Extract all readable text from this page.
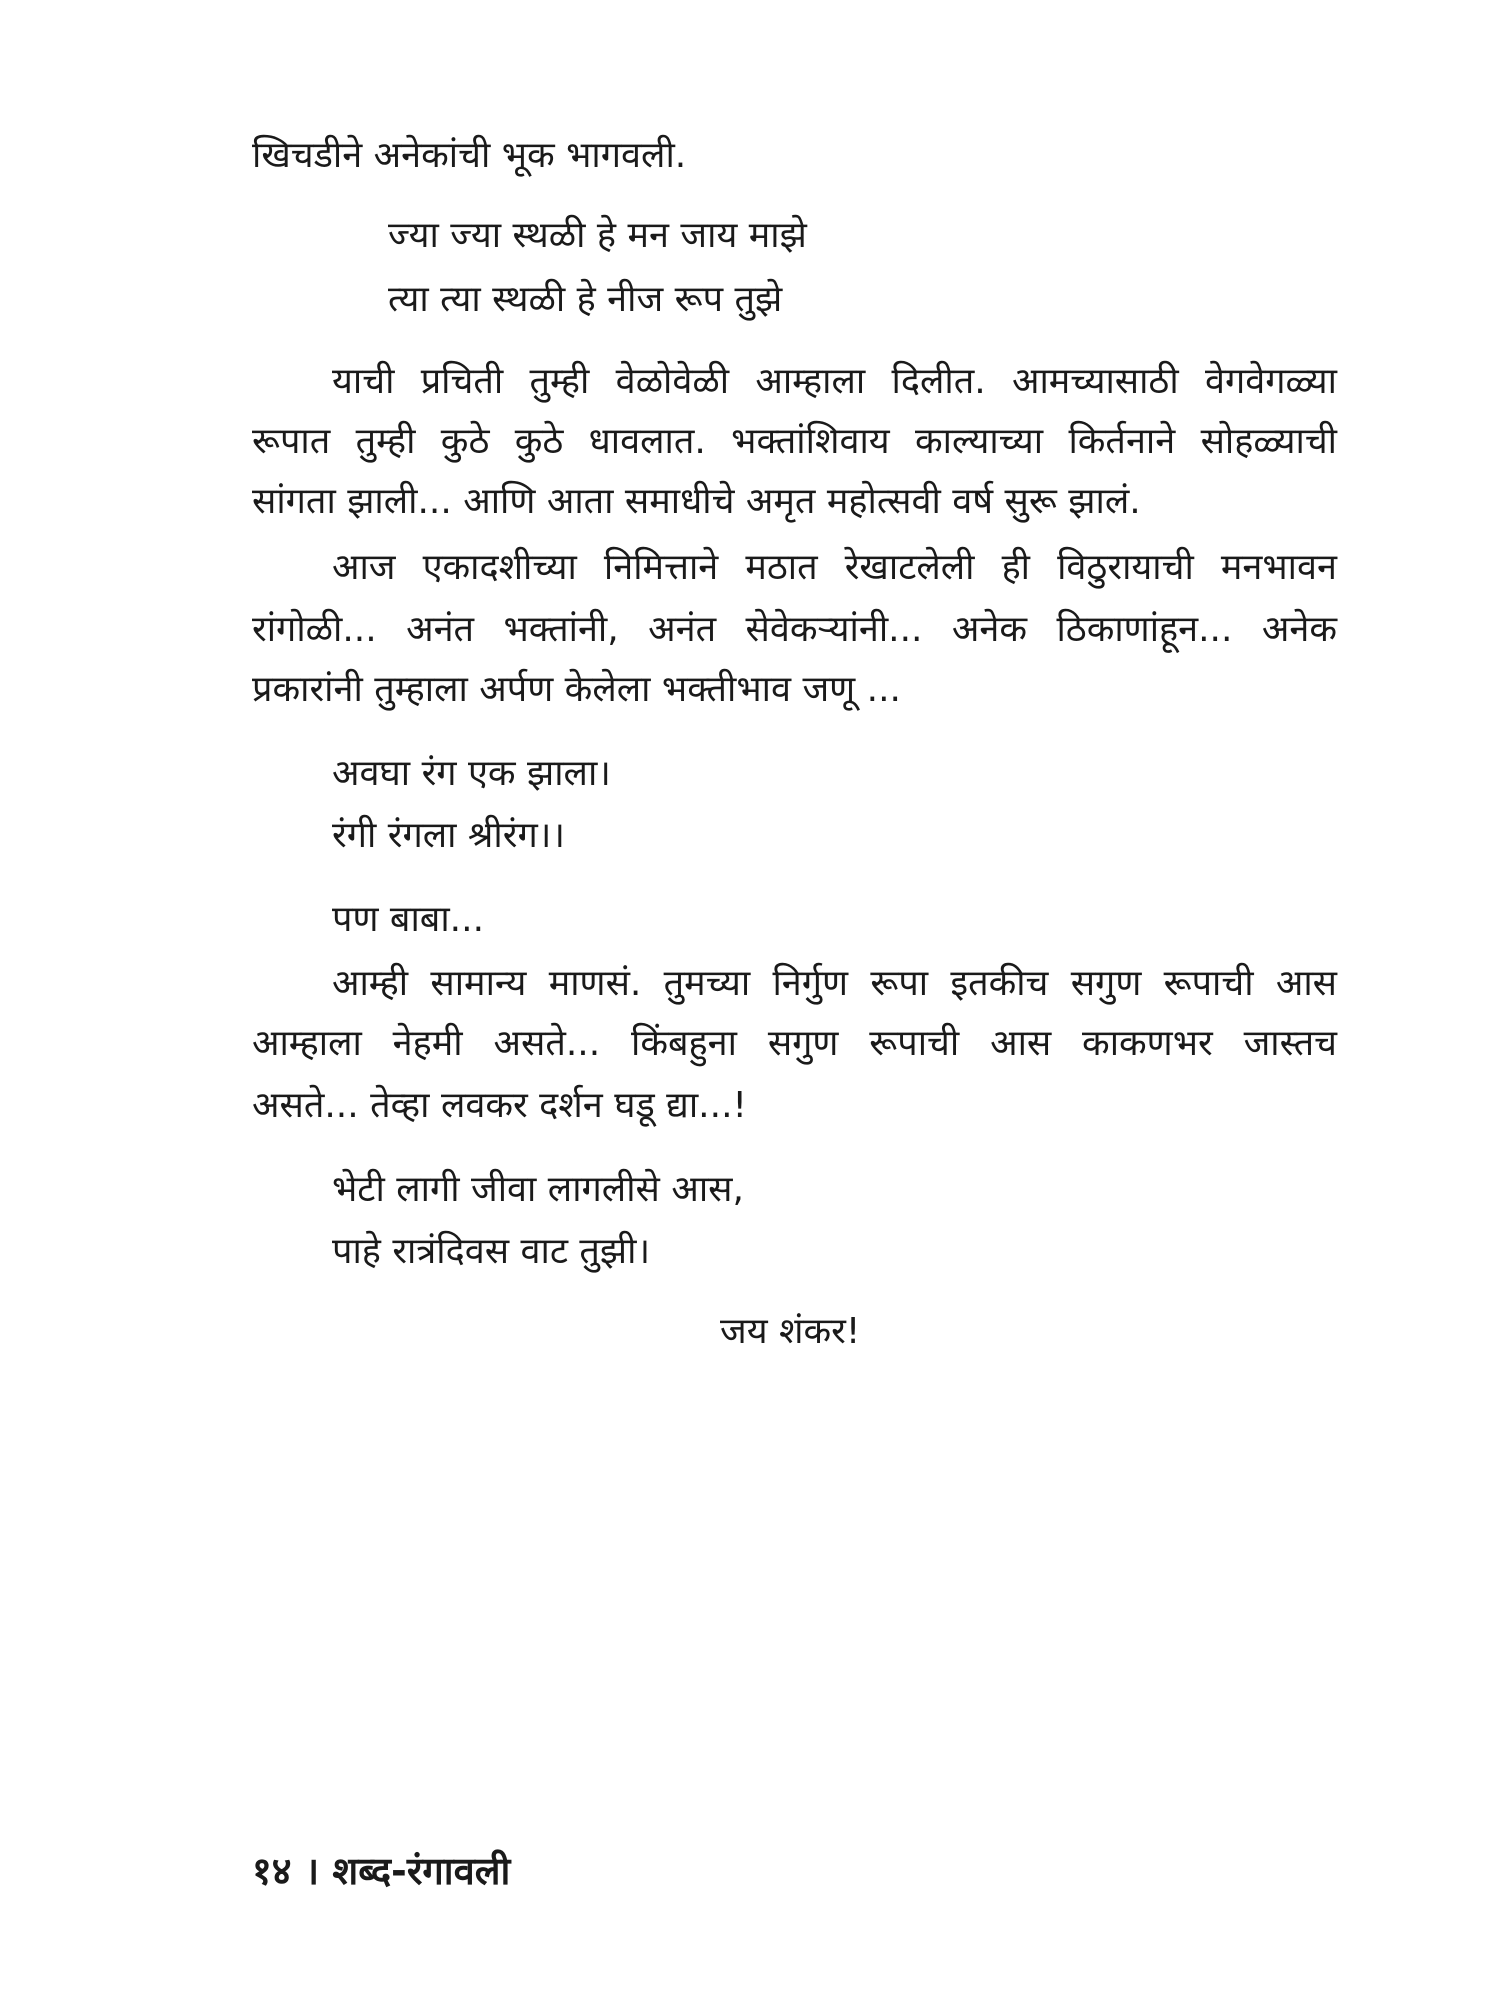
खिचडीने अनेकांची भूक भागवली.
ज्या ज्या स्थळी हे मन जाय माझे
त्या त्या स्थळी हे नीज रूप तुझे
याची प्रचिती तुम्ही वेळोवेळी आम्हाला दिलीत. आमच्यासाठी वेगवेगळ्या
रूपात तुम्ही कुठे कुठे धावलात. भक्तांशिवाय काल्याच्या किर्तनाने सोहळ्याची
सांगता झाली... आणि आता समाधीचे अमृत महोत्सवी वर्ष सुरू झालं.
आज एकादशीच्या निमित्ताने मठात रेखाटलेली ही विठुरायाची मनभावन
रांगोळी... अनंत भक्तांनी, अनंत सेवेकऱ्यांनी... अनेक ठिकाणांहून... अनेक
प्रकारांनी तुम्हाला अर्पण केलेला भक्तीभाव जणू ...
अवघा रंग एक झाला।
रंगी रंगला श्रीरंग।।
पण बाबा...
आम्ही सामान्य माणसं. तुमच्या निर्गुण रूपा इतकीच सगुण रूपाची आस
आम्हाला नेहमी असते... किंबहुना सगुण रूपाची आस काकणभर जास्तच
असते... तेव्हा लवकर दर्शन घडू द्या...!
भेटी लागी जीवा लागलीसे आस,
पाहे रात्रंदिवस वाट तुझी।
जय शंकर!
१४ । शब्द-रंगावली
